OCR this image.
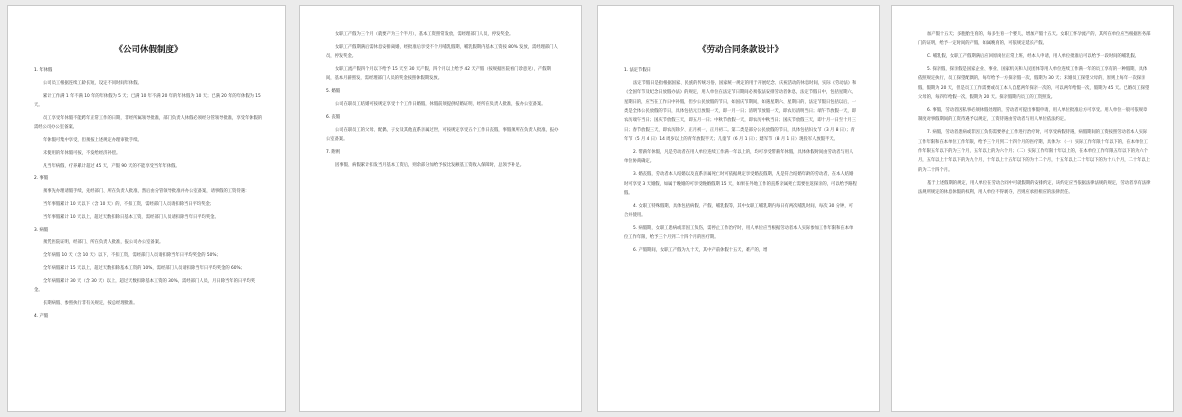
《公司休假制度》
1. 年休假
公司员工根据连续工龄长短，设定不同时间年休假。
累计工作满 1 年不满 10 年的年休假为 5 天；已满 10 年不满 20 年的年休假为 10 天；已满 20 年的年休假为 15 天。
员工享受年休假不能跨年正常工作的日期，非经所属领导批准，部门负责人休假必须经分管领导批准，享受年休假的需经公司办公室备案。
年休假可集中享受，但须按上述规定办理审批手续。
未使用的年休假可按，不发给经济补偿。
凡当年病假、疗养累计超过 45 天，产假 90 天的不能享受当年年休假。
2. 事假
须事先办理请假手续，先经部门、所在负责人批准，然后由分管领导批准并办公室备案，请事假的工资待遇：
当年事假累计 10 天以下（含 10 天）的，不扣工资，需经部门人员请扣除当日平均奖金；
当年事假累计 10 天以上，超过天数扣除日基本工资，需经部门人员请扣除当年日平均奖金。
3. 病假
须凭医院证明，经部门、所在负责人批准，报公司办公室备案。
全年病假 10 天（含 10 天）以下，不扣工资，需经部门人员请扣除当年日平均奖金的 50%；
全年病假累计 15 天以上，超过天数扣除基本工资的 10%，需经部门人员请扣除当年日平均奖金的 60%；
全年病假累计 30 天（含 30 天）以上，超过天数扣除基本工资的 30%，需经部门人员，月日除当年的日平均奖金。
长期病假、参照执行非有关规定，按总经理批准。
4. 产假
女职工产假为三个月（就要产为三个半月），基本工资照常发放，需经理部门人员，停发奖金。
女职工产假期满后需休息安排离婚，经批准后享受不个月哺乳假期，哺乳假期内基本工资按 80% 发放，需经理部门人员，停发奖金。
女职工流产假四个月以下给予 15 天至 30 天产假，四个月以上给予 42 天产假（按规据医院看门诊意见），产假期间，基本月薪照发，需经理部门人员的奖金按照休假期发放。
5. 婚假
公司在职员工结婚可按规定享受十个工作日婚假，休假前须提供结婚证明，经所在负责人批准，报办公室备案。
6. 丧假
公司在职员工的父母、配偶、子女及其他直系亲属过世，可按规定享受五个工作日丧假，事假须所在负责人批准，报办公室备案。
7. 附则
因事假、病假累计扣发当月基本工资后，则余部分加给予按比发额基工资收入保障时，总领予补足。
《劳动合同条款设计》
1. 法定节假日
法定节假日是指根据国家、民族的传统习俗，国家统一规定的用于开展纪念、庆祝活动的休息时间，实际《劳动法》和《全国年节及纪念日放假办法》的规定，用人单位在法定节日期间必须依法安排劳动者休息，法定节假日中，包括星期六、星期日的，应当在工作日中补假，但少公民放假的节日，如国庆节期间，如遇星期六、星期日的，法定节假日包括以后，一类是全体公民放假的节日，具体包括元旦放假一天，即一月一日；清明节放假一天，即农历清明当日；端午节放假一天，即农历端午当日；国庆节放假三天，即五月一日；中秋节放假一天，即农历中秋当日；国庆节放假三天，即十月一日至十月三日；春节放假三天，即农历除夕、正月初一、正月初二。第二类是部分公民放假的节日，具体包括妇女节（3 月 8 日）；青年节（5 月 4 日）14 周岁以上的青年放假半天；儿童节（6 月 1 日）；建军节（8 月 1 日）现役军人放假半天。
2. 带薪年休假，凡是劳动者在用人单位连续工作满一年以上的，均可享受带薪年休假，具体休假时间由劳动者与用人单位协商确定。
3. 婚丧假，劳动者本人结婚以及直系亲属死亡时可依据规定享受婚丧假期，凡是符合结婚年龄的劳动者，在本人结婚时可享受 3 天婚假，如属于晚婚的可享受晚婚假期 15 天，如果在外地工作的直系亲属死亡需要往返探亲的，可以给予路程假。
4. 女职工特殊假期，具体包括病假、产假、哺乳假等，其中女职工哺乳期内每日有两次哺乳时间，每次 30 分钟，可合并使用。
5. 病假期，女职工患病或非因工负伤，需停止工作治疗时，用人单位应当根据劳动者本人实际参加工作年限和在本单位工作年限，给予三个月到二十四个月的医疗期。
6. 产假期间，女职工产假为九十天，其中产前休假十五天，难产的，增
加产假十五天；多胞胎生育的，每多生育一个婴儿，增加产假十五天。女职工怀孕流产的，其所在单位应当根据医务部门的证明，给予一定时间的产假，如属晚育的，可依规定延长产假。
C. 哺乳假，女职工产假期满后应回原岗位正常上班，经本人申请，用人单位批准后可以给予一段时间的哺乳假。
5. 探亲假，探亲假是国家企业、事业、国家机关和人民团体等用人单位连续工作满一年的员工享有的一种假期，具体依照规定执行，员工探望配偶的，每年给予一方探亲假一次，假期为 30 天；未婚员工探望父母的，原则上每年一次探亲假，假期为 20 天，但是员工工作需要或员工本人自愿两年探亲一次的，可以两年给假一次，假期为 45 天。已婚员工探望父母的，每四年给假一次，假期为 20 天。探亲假期内员工的工资照发。
6. 事假，劳动者因私事必须休假处理的，劳动者可提出事假申请，用人单位批准后方可享受。用人单位一般可依规章制度对事假期间的工资待遇予以规定，工资待遇由劳动者与用人单位依法约定。
7. 病假，劳动者患病或非因工负伤需要停止工作进行治疗时，可享受病假待遇，病假期间的工资按照劳动者本人实际工作年限和在本单位工作年限，给予三个月到二十四个月的医疗期，具体为：（一）实际工作年限十年以下的，在本单位工作年限五年以下的为三个月，五年以上的为六个月；（二）实际工作年限十年以上的，在本单位工作年限五年以下的为六个月，五年以上十年以下的为九个月，十年以上十五年以下的为十二个月，十五年以上二十年以下的为十八个月，二十年以上的为二十四个月。
基于上述假期的规定，用人单位在劳动合同中可就假期的安排约定，该约定应当依据法律法规的规定，劳动者享有法律法规所规定的休息休假的权利，用人单位不得剥夺，否则应承担相应的法律责任。
